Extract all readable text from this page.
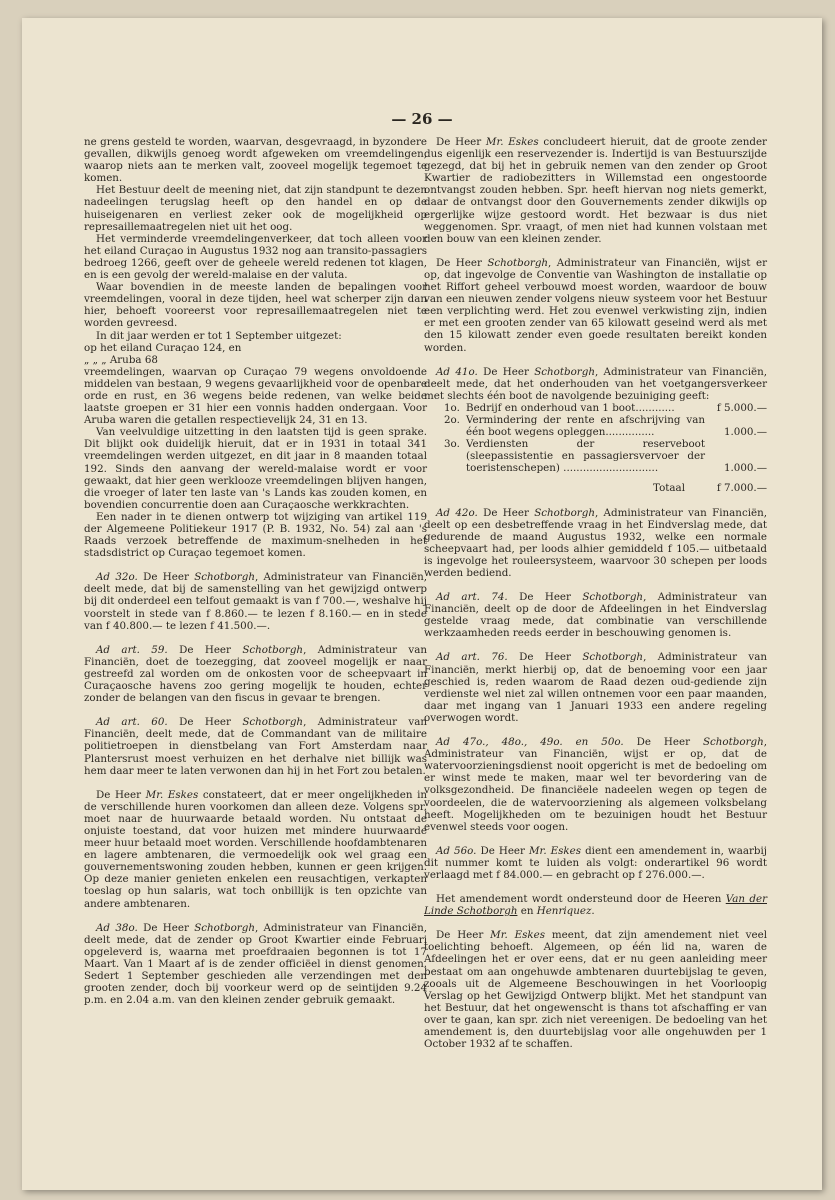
— 26 —

ne grens gesteld te worden, waarvan, desgevraagd, in byzondere gevallen, dikwijls genoeg wordt afgeweken om vreemdelingen, waarop niets aan te merken valt, zooveel mogelijk tegemoet te komen.

Het Bestuur deelt de meening niet, dat zijn standpunt te dezen nadeelingen terugslag heeft op den handel en op de huiseigenaren en verliest zeker ook de mogelijkheid op represaillemaatregelen niet uit het oog.

Het verminderde vreemdelingenverkeer, dat toch alleen voor het eiland Curaçao in Augustus 1932 nog aan transito-passagiers bedroeg 1266, geeft over de geheele wereld redenen tot klagen, en is een gevolg der wereld-malaise en der valuta.

Waar bovendien in de meeste landen de bepalingen voor vreemdelingen, vooral in deze tijden, heel wat scherper zijn dan hier, behoeft vooreerst voor represaillemaatregelen niet te worden gevreesd.

In dit jaar werden er tot 1 September uitgezet:

op het eiland Curaçao 124, en

„ „ „ Aruba 68

vreemdelingen, waarvan op Curaçao 79 wegens onvoldoende middelen van bestaan, 9 wegens gevaarlijkheid voor de openbare orde en rust, en 36 wegens beide redenen, van welke beide laatste groepen er 31 hier een vonnis hadden ondergaan. Voor Aruba waren die getallen respectievelijk 24, 31 en 13.

Van veelvuldige uitzetting in den laatsten tijd is geen sprake. Dit blijkt ook duidelijk hieruit, dat er in 1931 in totaal 341 vreemdelingen werden uitgezet, en dit jaar in 8 maanden totaal 192. Sinds den aanvang der wereld-malaise wordt er voor gewaakt, dat hier geen werklooze vreemdelingen blijven hangen, die vroeger of later ten laste van 's Lands kas zouden komen, en bovendien concurrentie doen aan Curaçaosche werkkrachten.

Een nader in te dienen ontwerp tot wijziging van artikel 119 der Algemeene Politiekeur 1917 (P. B. 1932, No. 54) zal aan 's Raads verzoek betreffende de maximum-snelheden in het stadsdistrict op Curaçao tegemoet komen.

Ad 32o. De Heer Schotborgh, Administrateur van Financiën, deelt mede, dat bij de samenstelling van het gewijzigd ontwerp bij dit onderdeel een telfout gemaakt is van f 700.—, weshalve hij voorstelt in stede van f 8.860.— te lezen f 8.160.— en in stede van f 40.800.— te lezen f 41.500.—.

Ad art. 59. De Heer Schotborgh, Administrateur van Financiën, doet de toezegging, dat zooveel mogelijk er naar gestreefd zal worden om de onkosten voor de scheepvaart in Curaçaosche havens zoo gering mogelijk te houden, echter zonder de belangen van den fiscus in gevaar te brengen.

Ad art. 60. De Heer Schotborgh, Administrateur van Financiën, deelt mede, dat de Commandant van de militaire politietroepen in dienstbelang van Fort Amsterdam naar Plantersrust moest verhuizen en het derhalve niet billijk was hem daar meer te laten verwonen dan hij in het Fort zou betalen.

De Heer Mr. Eskes constateert, dat er meer ongelijkheden in de verschillende huren voorkomen dan alleen deze. Volgens spr. moet naar de huurwaarde betaald worden. Nu ontstaat de onjuiste toestand, dat voor huizen met mindere huurwaarde meer huur betaald moet worden. Verschillende hoofdambtenaren en lagere ambtenaren, die vermoedelijk ook wel graag een gouvernementswoning zouden hebben, kunnen er geen krijgen. Op deze manier genieten enkelen een reusachtigen, verkapten toeslag op hun salaris, wat toch onbillijk is ten opzichte van andere ambtenaren.

Ad 38o. De Heer Schotborgh, Administrateur van Financiën, deelt mede, dat de zender op Groot Kwartier einde Februari opgeleverd is, waarna met proefdraaien begonnen is tot 17 Maart. Van 1 Maart af is de zender officiëel in dienst genomen. Sedert 1 September geschieden alle verzendingen met den grooten zender, doch bij voorkeur werd op de seintijden 9.24 p.m. en 2.04 a.m. van den kleinen zender gebruik gemaakt.

De Heer Mr. Eskes concludeert hieruit, dat de groote zender dus eigenlijk een reservezender is. Indertijd is van Bestuurszijde gezegd, dat bij het in gebruik nemen van den zender op Groot Kwartier de radiobezitters in Willemstad een ongestoorde ontvangst zouden hebben. Spr. heeft hiervan nog niets gemerkt, daar de ontvangst door den Gouvernements zender dikwijls op ergerlijke wijze gestoord wordt. Het bezwaar is dus niet weggenomen. Spr. vraagt, of men niet had kunnen volstaan met den bouw van een kleinen zender.

De Heer Schotborgh, Administrateur van Financiën, wijst er op, dat ingevolge de Conventie van Washington de installatie op het Riffort geheel verbouwd moest worden, waardoor de bouw van een nieuwen zender volgens nieuw systeem voor het Bestuur een verplichting werd. Het zou evenwel verkwisting zijn, indien er met een grooten zender van 65 kilowatt geseind werd als met den 15 kilowatt zender even goede resultaten bereikt konden worden.

Ad 41o. De Heer Schotborgh, Administrateur van Financiën, deelt mede, dat het onderhouden van het voetgangersverkeer met slechts één boot de navolgende bezuiniging geeft:

1o.	Bedrijf en onderhoud van 1 boot............	f 5.000.—
2o.	Vermindering der rente en afschrijving van één boot wegens opleggen...............	1.000.—
3o.	Verdiensten der reserveboot (sleepassistentie en passagiersvervoer der toeristenschepen) .............................	1.000.—
	Totaal	f 7.000.—

Ad 42o. De Heer Schotborgh, Administrateur van Financiën, deelt op een desbetreffende vraag in het Eindverslag mede, dat gedurende de maand Augustus 1932, welke een normale scheepvaart had, per loods alhier gemiddeld f 105.— uitbetaald is ingevolge het rouleersysteem, waarvoor 30 schepen per loods werden bediend.

Ad art. 74. De Heer Schotborgh, Administrateur van Financiën, deelt op de door de Afdeelingen in het Eindverslag gestelde vraag mede, dat combinatie van verschillende werkzaamheden reeds eerder in beschouwing genomen is.

Ad art. 76. De Heer Schotborgh, Administrateur van Financiën, merkt hierbij op, dat de benoeming voor een jaar geschied is, reden waarom de Raad dezen oud-gediende zijn verdienste wel niet zal willen ontnemen voor een paar maanden, daar met ingang van 1 Januari 1933 een andere regeling overwogen wordt.

Ad 47o., 48o., 49o. en 50o. De Heer Schotborgh, Administrateur van Financiën, wijst er op, dat de watervoorzieningsdienst nooit opgericht is met de bedoeling om er winst mede te maken, maar wel ter bevordering van de volksgezondheid. De financiëele nadeelen wegen op tegen de voordeelen, die de watervoorziening als algemeen volksbelang heeft. Mogelijkheden om te bezuinigen houdt het Bestuur evenwel steeds voor oogen.

Ad 56o. De Heer Mr. Eskes dient een amendement in, waarbij dit nummer komt te luiden als volgt: onderartikel 96 wordt verlaagd met f 84.000.— en gebracht op f 276.000.—.

Het amendement wordt ondersteund door de Heeren Van der Linde Schotborgh en Henriquez.

De Heer Mr. Eskes meent, dat zijn amendement niet veel toelichting behoeft. Algemeen, op één lid na, waren de Afdeelingen het er over eens, dat er nu geen aanleiding meer bestaat om aan ongehuwde ambtenaren duurtebijslag te geven, zooals uit de Algemeene Beschouwingen in het Voorloopig Verslag op het Gewijzigd Ontwerp blijkt. Met het standpunt van het Bestuur, dat het ongewenscht is thans tot afschaffing er van over te gaan, kan spr. zich niet vereenigen. De bedoeling van het amendement is, den duurtebijslag voor alle ongehuwden per 1 October 1932 af te schaffen.
